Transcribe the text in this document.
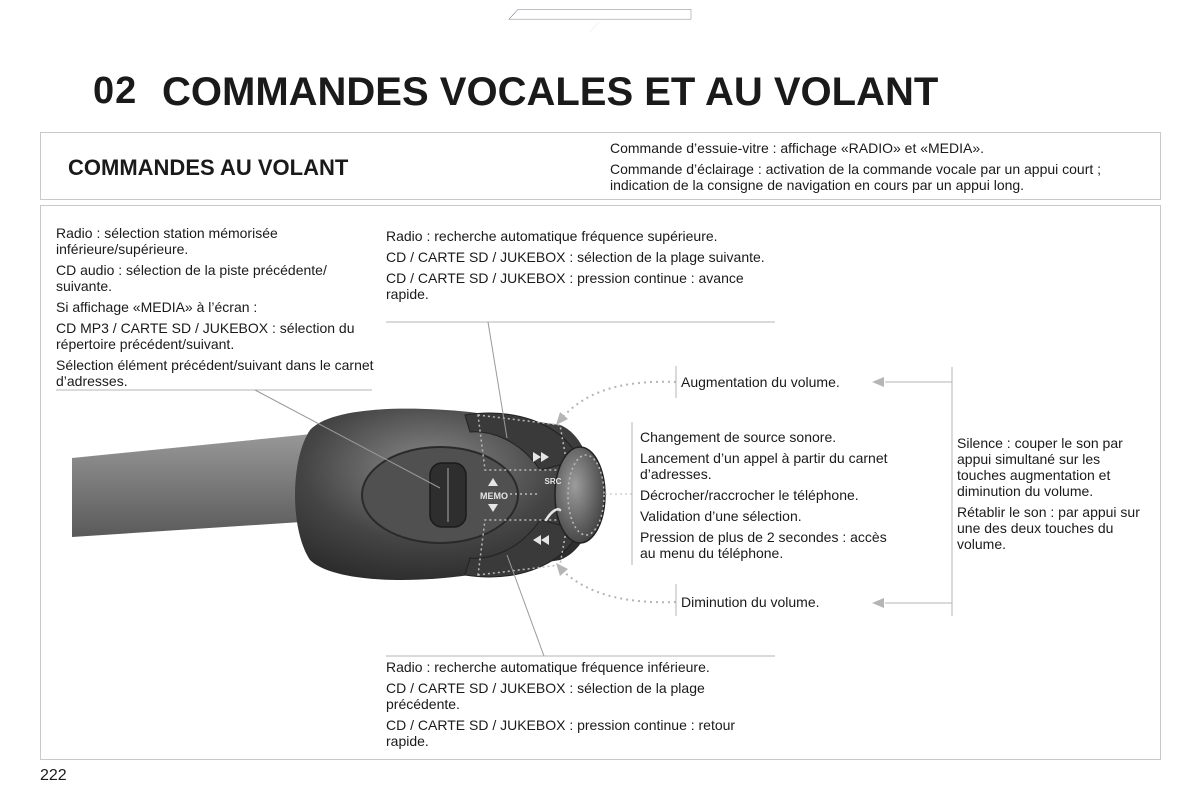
02 COMMANDES VOCALES ET AU VOLANT
COMMANDES AU VOLANT
Commande d’essuie-vitre : affichage «RADIO» et «MEDIA».
Commande d’éclairage : activation de la commande vocale par un appui court ; indication de la consigne de navigation en cours par un appui long.
MEMO
SRC

Radio : sélection station mémorisée inférieure/supérieure.

CD audio : sélection de la piste précédente/ suivante.

Si affichage «MEDIA» à l’écran :

CD MP3 / CARTE SD / JUKEBOX : sélection du répertoire précédent/suivant.

Sélection élément précédent/suivant dans le carnet d’adresses.

Radio : recherche automatique fréquence supérieure.

CD / CARTE SD / JUKEBOX : sélection de la plage suivante.

CD / CARTE SD / JUKEBOX : pression continue : avance rapide.

Radio : recherche automatique fréquence inférieure.

CD / CARTE SD / JUKEBOX : sélection de la plage précédente.

CD / CARTE SD / JUKEBOX : pression continue : retour rapide.

Changement de source sonore.

Lancement d’un appel à partir du carnet d’adresses.

Décrocher/raccrocher le téléphone.

Validation d’une sélection.

Pression de plus de 2 secondes : accès au menu du téléphone.

Augmentation du volume.
Diminution du volume.

Silence : couper le son par appui simultané sur les touches augmentation et diminution du volume.

Rétablir le son : par appui sur une des deux touches du volume.

222
